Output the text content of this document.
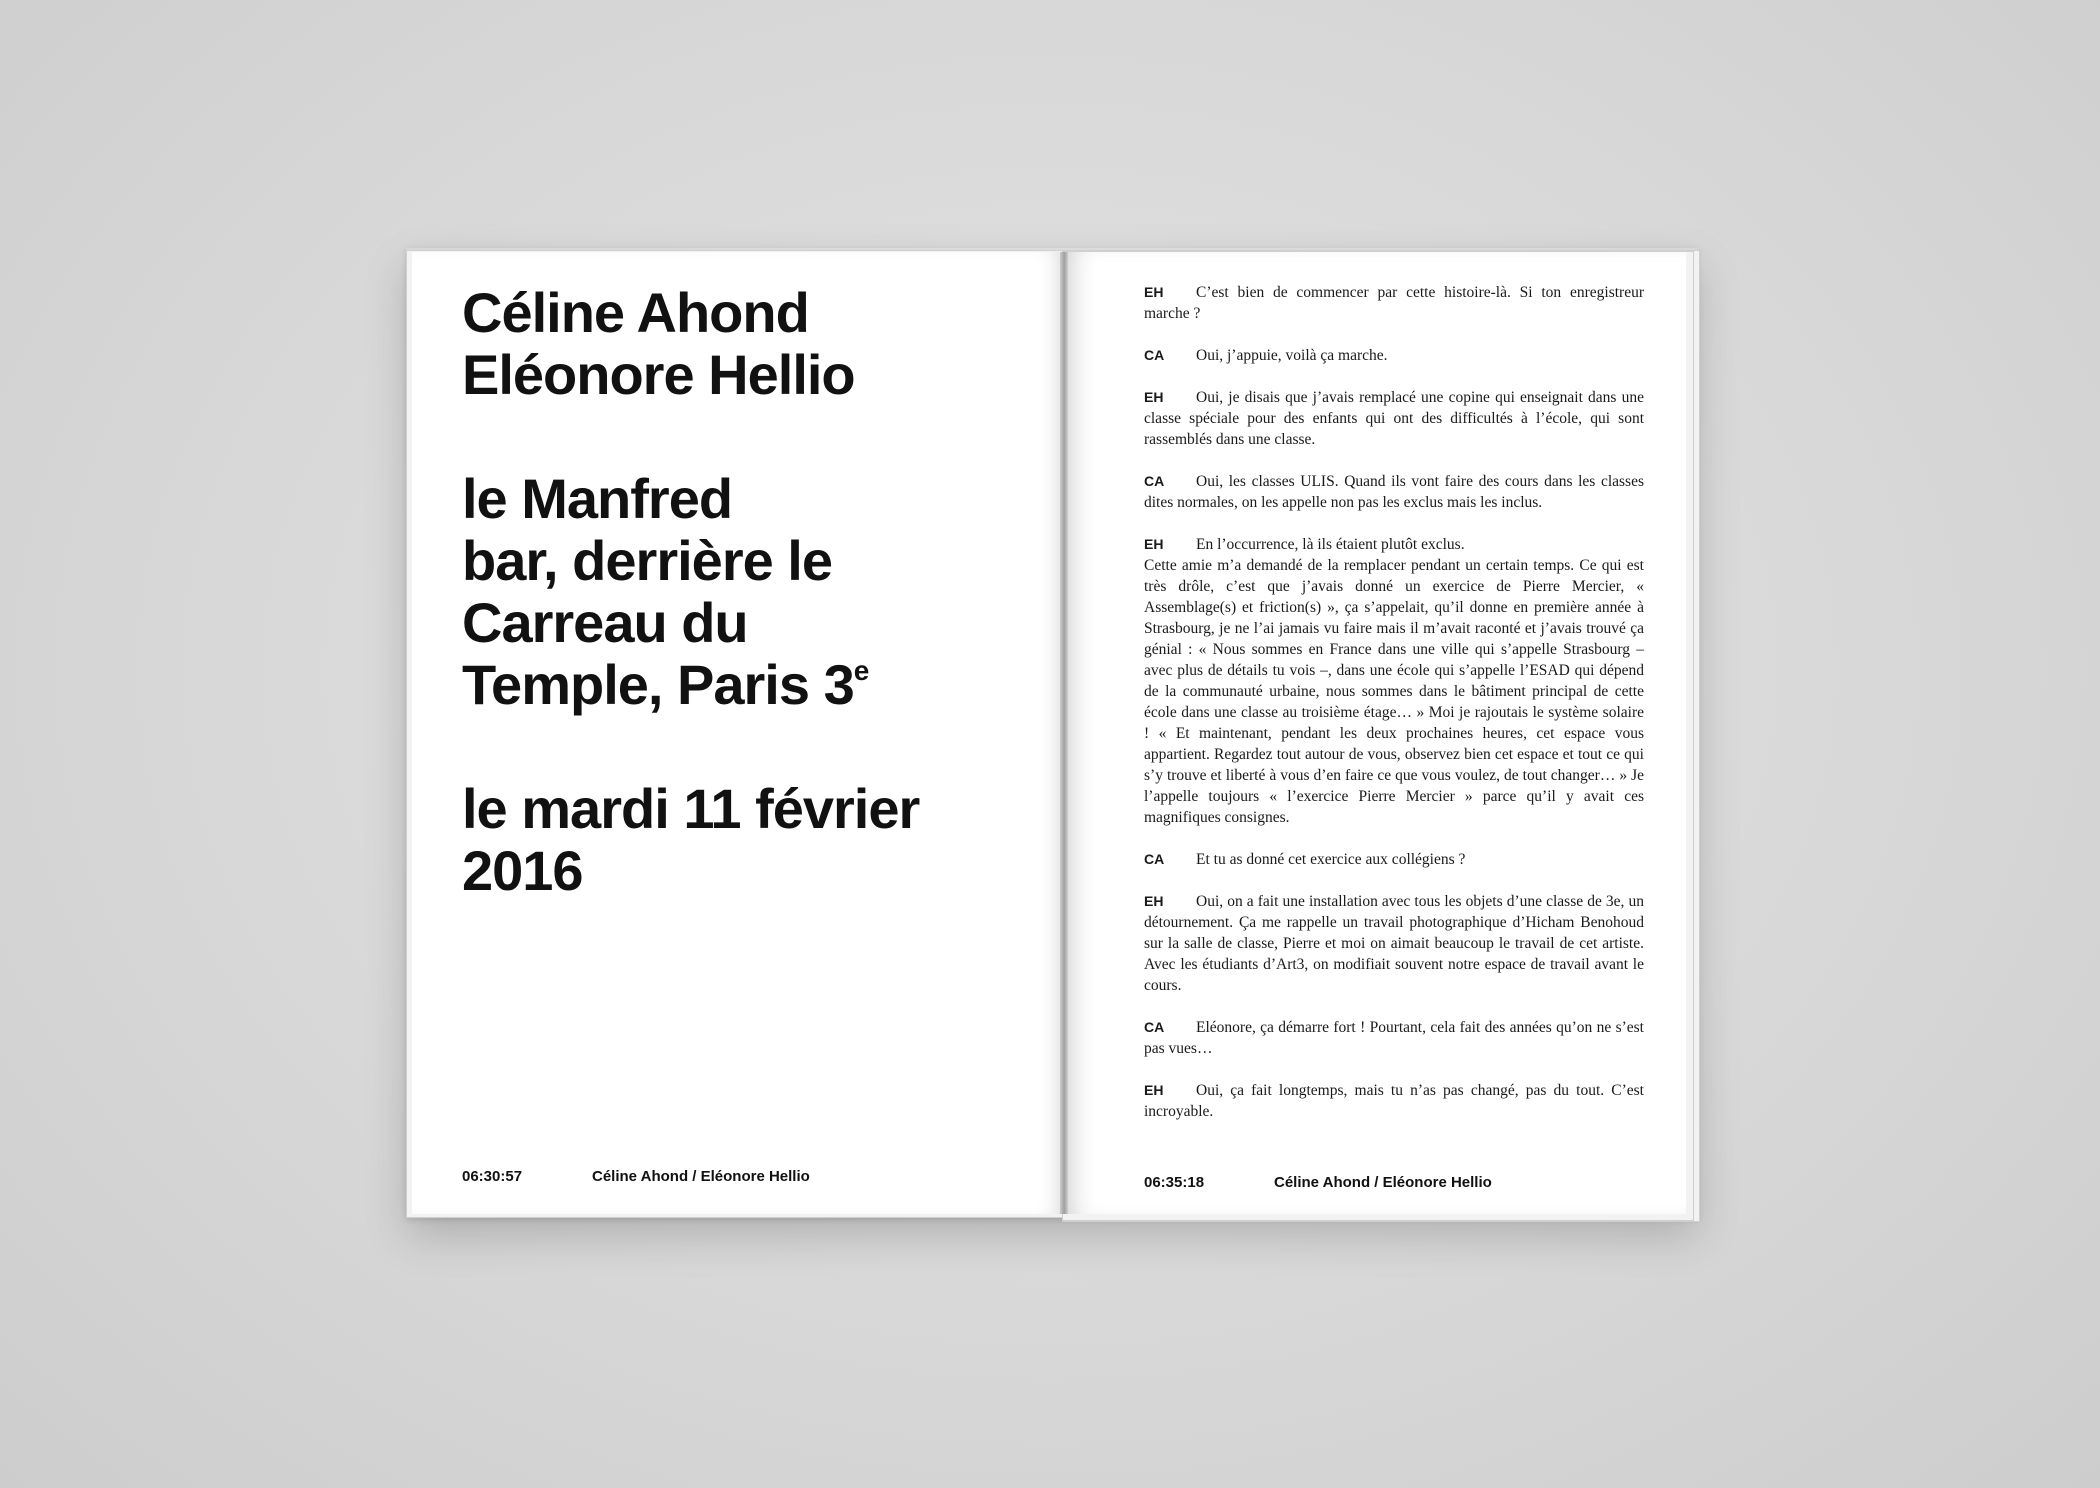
Céline Ahond
Eléonore Hellio
le Manfred
bar, derrière le
Carreau du
Temple, Paris 3e
le mardi 11 février
2016
06:30:57	Céline Ahond / Eléonore Hellio
EH C’est bien de commencer par cette histoire-là. Si ton enregistreur marche ?
CA Oui, j’appuie, voilà ça marche.
EH Oui, je disais que j’avais remplacé une copine qui enseignait dans une classe spéciale pour des enfants qui ont des difficultés à l’école, qui sont rassemblés dans une classe.
CA Oui, les classes ULIS. Quand ils vont faire des cours dans les classes dites normales, on les appelle non pas les exclus mais les inclus.
EH En l’occurrence, là ils étaient plutôt exclus.
Cette amie m’a demandé de la remplacer pendant un certain temps. Ce qui est très drôle, c’est que j’avais donné un exercice de Pierre Mercier, « Assemblage(s) et friction(s) », ça s’appelait, qu’il donne en première année à Strasbourg, je ne l’ai jamais vu faire mais il m’avait raconté et j’avais trouvé ça génial : « Nous sommes en France dans une ville qui s’appelle Strasbourg – avec plus de détails tu vois –, dans une école qui s’appelle l’ESAD qui dépend de la communauté urbaine, nous sommes dans le bâtiment principal de cette école dans une classe au troisième étage… » Moi je rajoutais le système solaire ! « Et maintenant, pendant les deux prochaines heures, cet espace vous appartient. Regardez tout autour de vous, observez bien cet espace et tout ce qui s’y trouve et liberté à vous d’en faire ce que vous voulez, de tout changer… » Je l’appelle toujours « l’exercice Pierre Mercier » parce qu’il y avait ces magnifiques consignes.
CA Et tu as donné cet exercice aux collégiens ?
EH Oui, on a fait une installation avec tous les objets d’une classe de 3e, un détournement. Ça me rappelle un travail photographique d’Hicham Benohoud sur la salle de classe, Pierre et moi on aimait beaucoup le travail de cet artiste. Avec les étudiants d’Art3, on modifiait souvent notre espace de travail avant le cours.
CA Eléonore, ça démarre fort ! Pourtant, cela fait des années qu’on ne s’est pas vues…
EH Oui, ça fait longtemps, mais tu n’as pas changé, pas du tout. C’est incroyable.
06:35:18	Céline Ahond / Eléonore Hellio
